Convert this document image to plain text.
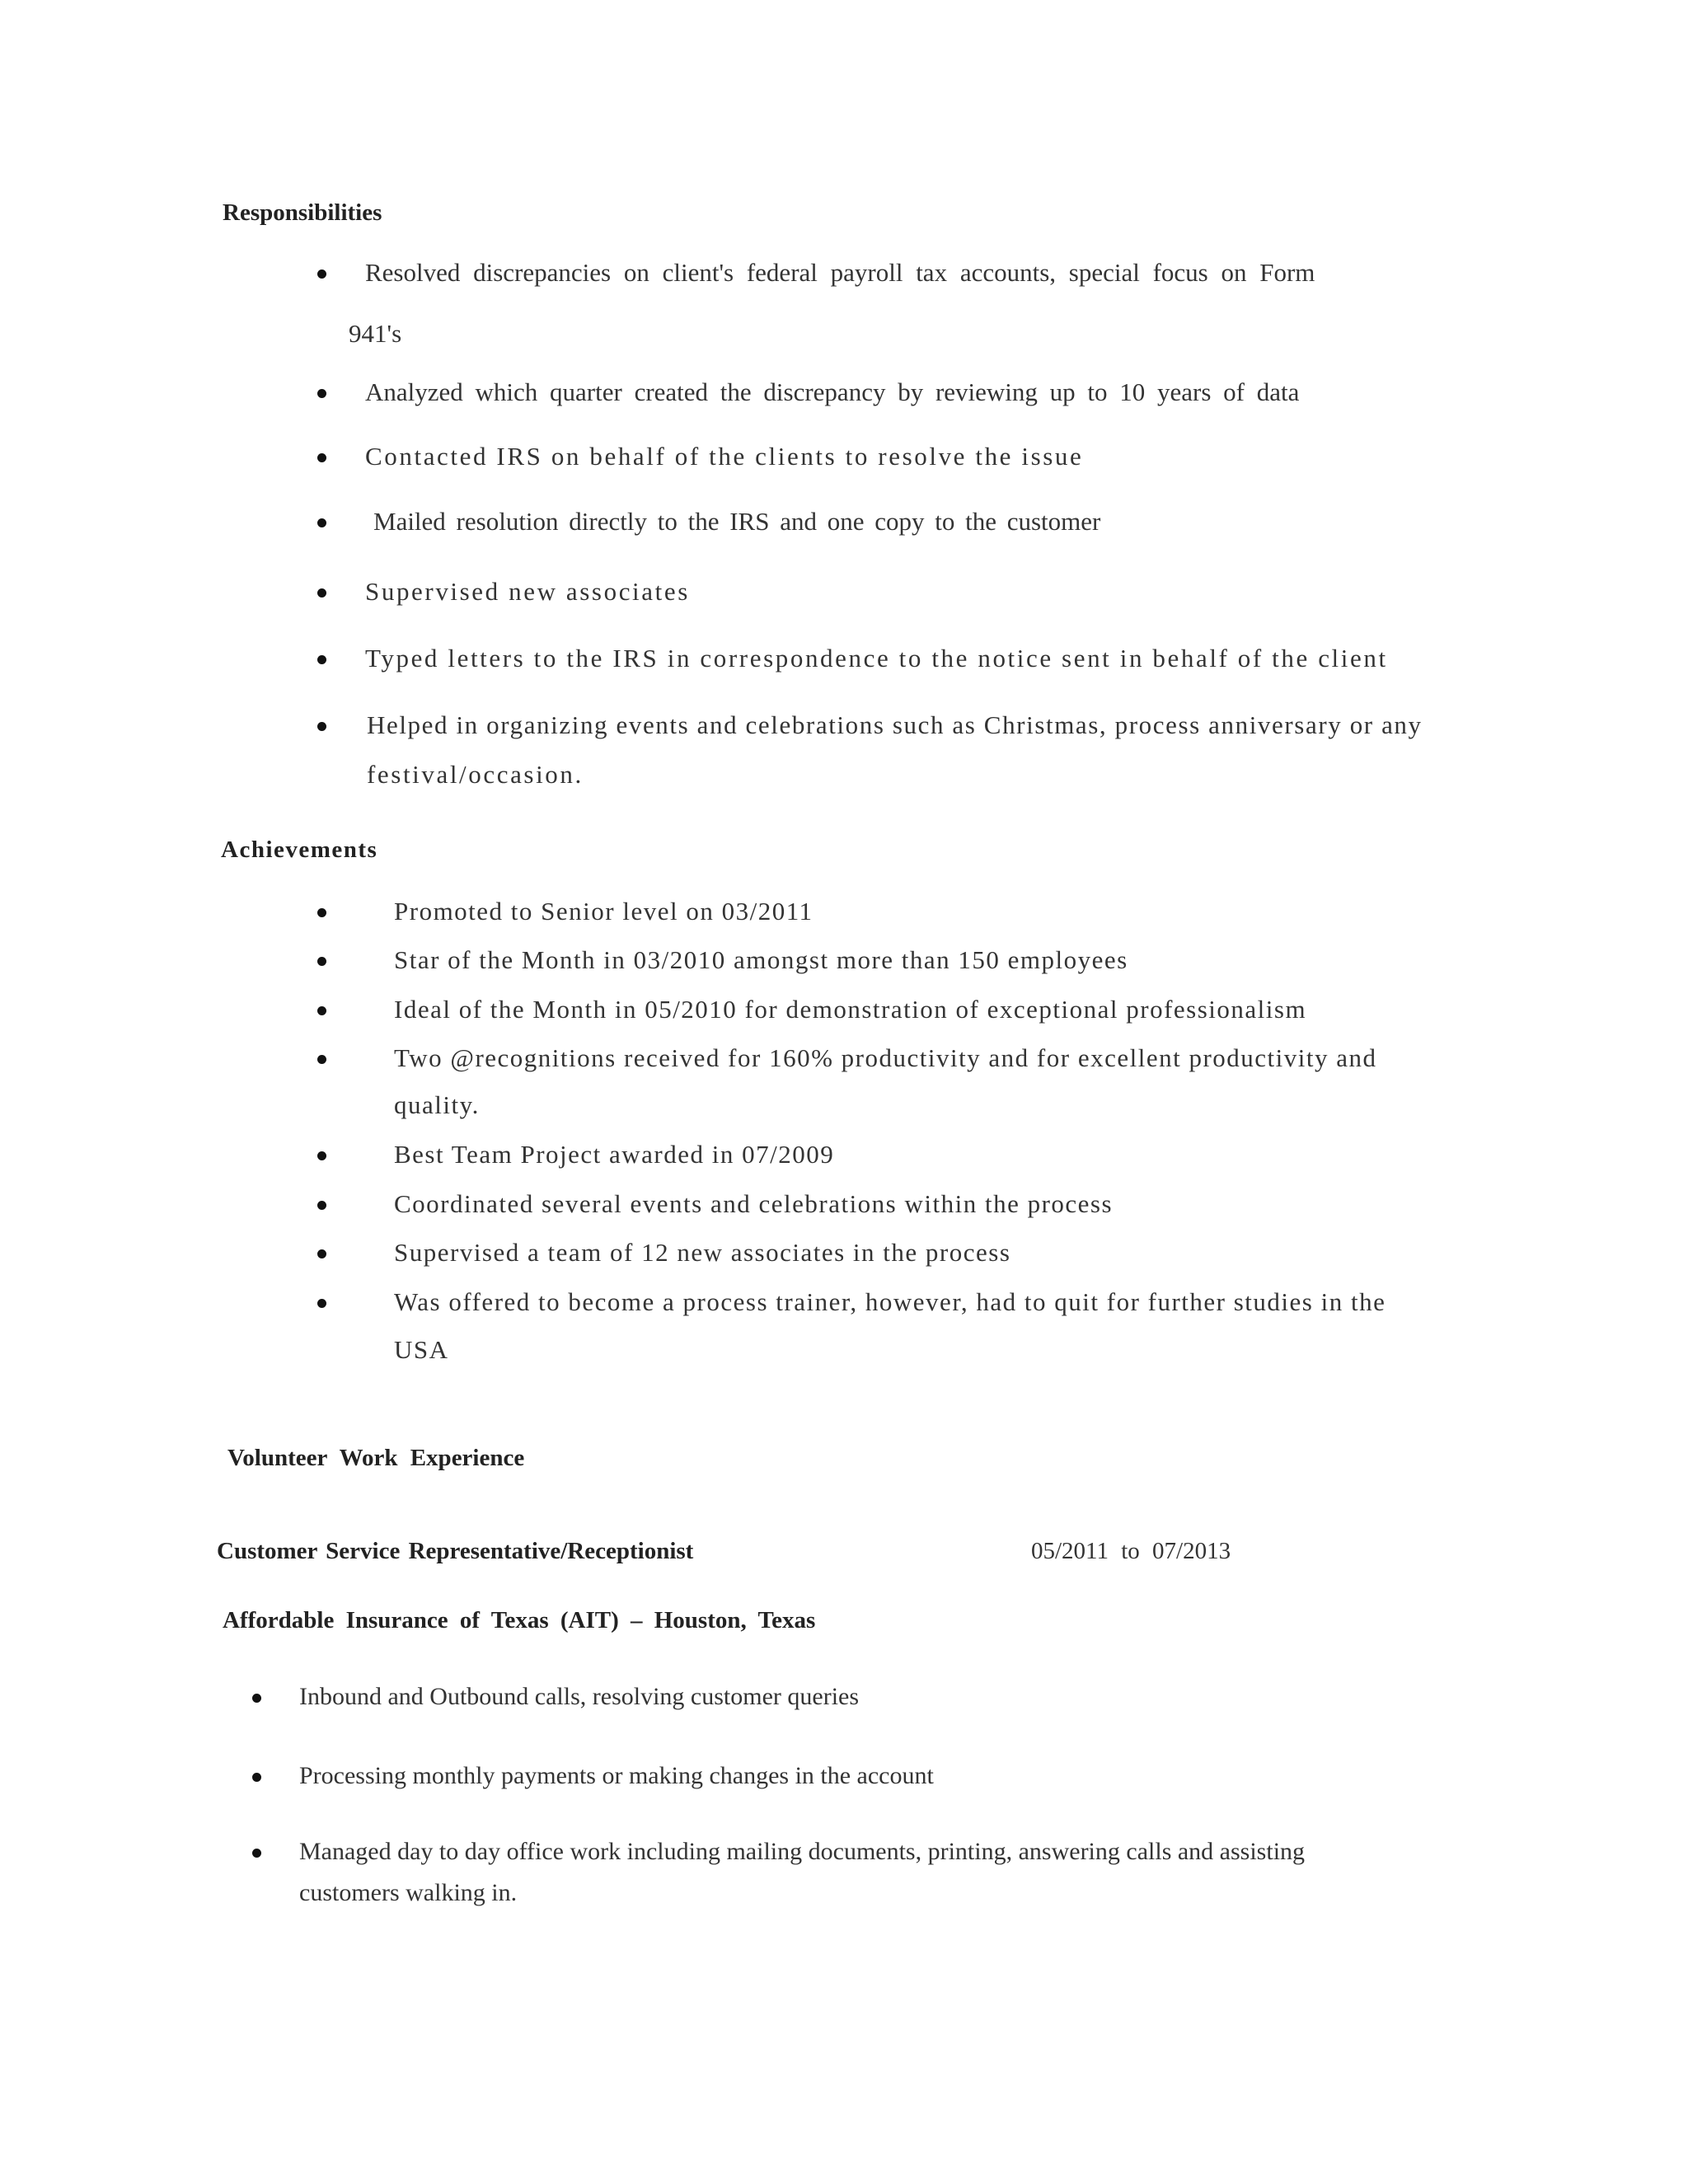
Responsibilities
Resolved discrepancies on client's federal payroll tax accounts, special focus on Form
941's
Analyzed which quarter created the discrepancy by reviewing up to 10 years of data
Contacted IRS on behalf of the clients to resolve the issue
Mailed resolution directly to the IRS and one copy to the customer
Supervised new associates
Typed letters to the IRS in correspondence to the notice sent in behalf of the client
Helped in organizing events and celebrations such as Christmas, process anniversary or any
festival/occasion.
Achievements
Promoted to Senior level on 03/2011
Star of the Month in 03/2010 amongst more than 150 employees
Ideal of the Month in 05/2010 for demonstration of exceptional professionalism
Two @recognitions received for 160% productivity and for excellent productivity and
quality.
Best Team Project awarded in 07/2009
Coordinated several events and celebrations within the process
Supervised a team of 12 new associates in the process
Was offered to become a process trainer, however, had to quit for further studies in the
USA
Volunteer Work Experience
Customer Service Representative/Receptionist	05/2011 to 07/2013
Affordable Insurance of Texas (AIT) – Houston, Texas
Inbound and Outbound calls, resolving customer queries
Processing monthly payments or making changes in the account
Managed day to day office work including mailing documents, printing, answering calls and assisting
customers walking in.
